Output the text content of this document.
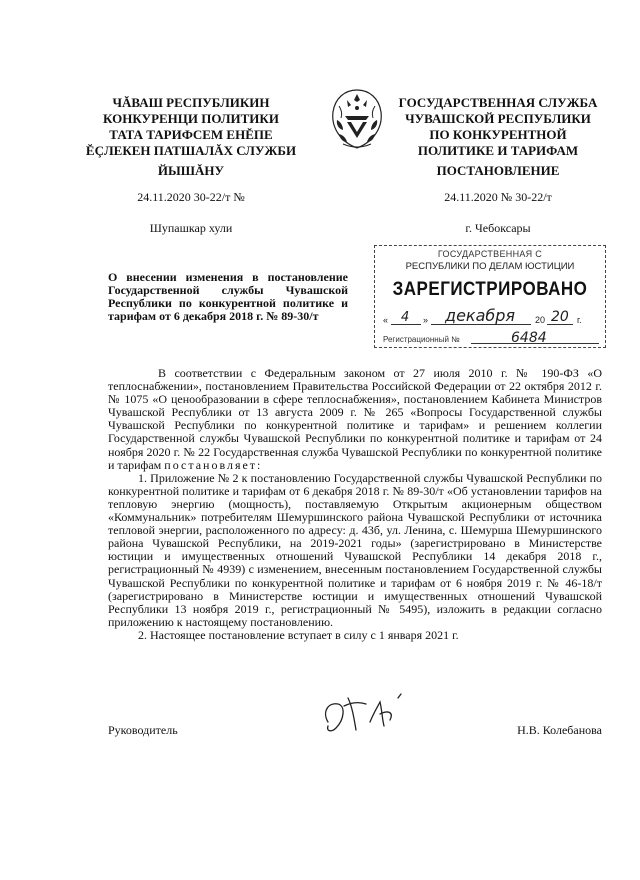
ЧĂВАШ РЕСПУБЛИКИН
КОНКУРЕНЦИ ПОЛИТИКИ
ТАТА ТАРИФСЕМ ЕНĔПЕ
ĔÇЛЕКЕН ПАТШАЛĂХ СЛУЖБИ
ГОСУДАРСТВЕННАЯ СЛУЖБА
ЧУВАШСКОЙ РЕСПУБЛИКИ
ПО КОНКУРЕНТНОЙ
ПОЛИТИКЕ И ТАРИФАМ
ЙЫШĂНУ	ПОСТАНОВЛЕНИЕ
24.11.2020 30-22/т №	24.11.2020 № 30-22/т
Шупашкар хули	г. Чебоксары
ГОСУДАРСТВЕННАЯ С
РЕСПУБЛИКИ ПО ДЕЛАМ ЮСТИЦИИ
ЗАРЕГИСТРИРОВАНО
« 4 » декабря 20 20 г.
Регистрационный №	6484
О внесении изменения в постановление Государственной службы Чувашской Республики по конкурентной политике и тарифам от 6 декабря 2018 г. № 89-30/т

В соответствии с Федеральным законом от 27 июля 2010 г. № 190-ФЗ «О теплоснабжении», постановлением Правительства Российской Федерации от 22 октября 2012 г. № 1075 «О ценообразовании в сфере теплоснабжения», постановлением Кабинета Министров Чувашской Республики от 13 августа 2009 г. № 265 «Вопросы Государственной службы Чувашской Республики по конкурентной политике и тарифам» и решением коллегии Государственной службы Чувашской Республики по конкурентной политике и тарифам от 24 ноября 2020 г. № 22 Государственная служба Чувашской Республики по конкурентной политике и тарифам постановляет:

1. Приложение № 2 к постановлению Государственной службы Чувашской Республики по конкурентной политике и тарифам от 6 декабря 2018 г. № 89-30/т «Об установлении тарифов на тепловую энергию (мощность), поставляемую Открытым акционерным обществом «Коммунальник» потребителям Шемуршинского района Чувашской Республики от источника тепловой энергии, расположенного по адресу: д. 43б, ул. Ленина, с. Шемурша Шемуршинского района Чувашской Республики, на 2019-2021 годы» (зарегистрировано в Министерстве юстиции и имущественных отношений Чувашской Республики 14 декабря 2018 г., регистрационный № 4939) с изменением, внесенным постановлением Государственной службы Чувашской Республики по конкурентной политике и тарифам от 6 ноября 2019 г. № 46-18/т (зарегистрировано в Министерстве юстиции и имущественных отношений Чувашской Республики 13 ноября 2019 г., регистрационный № 5495), изложить в редакции согласно приложению к настоящему постановлению.

2. Настоящее постановление вступает в силу с 1 января 2021 г.

Руководитель	Н.В. Колебанова
